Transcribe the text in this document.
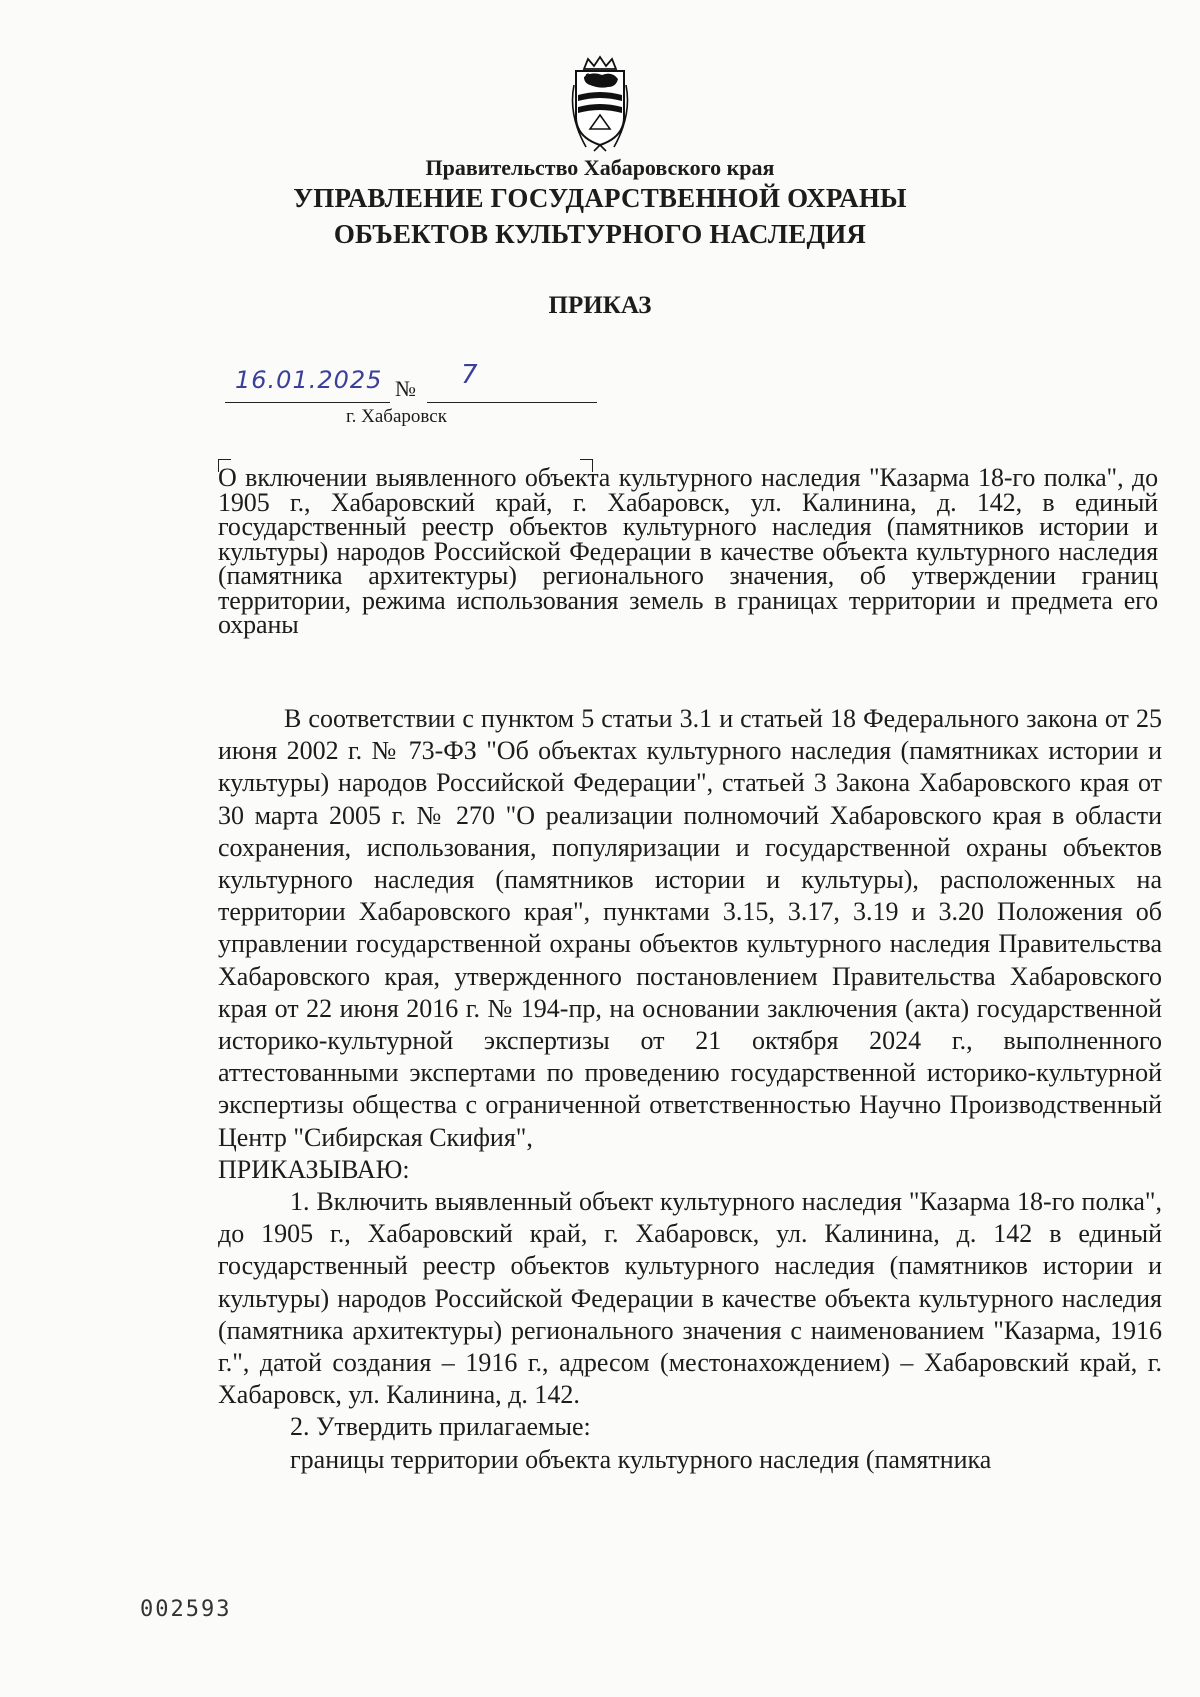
Правительство Хабаровского края
УПРАВЛЕНИЕ ГОСУДАРСТВЕННОЙ ОХРАНЫ
ОБЪЕКТОВ КУЛЬТУРНОГО НАСЛЕДИЯ
ПРИКАЗ
16.01.2025 № 7
г. Хабаровск
О включении выявленного объекта культурного наследия "Казарма 18-го полка", до 1905 г., Хабаровский край, г. Хабаровск, ул. Калинина, д. 142, в единый государственный реестр объектов культурного наследия (памятников истории и культуры) народов Российской Федерации в качестве объекта культурного наследия (памятника архитектуры) регионального значения, об утверждении границ территории, режима использования земель в границах территории и предмета его охраны

В соответствии с пунктом 5 статьи 3.1 и статьей 18 Федерального закона от 25 июня 2002 г. № 73-ФЗ "Об объектах культурного наследия (памятниках истории и культуры) народов Российской Федерации", статьей 3 Закона Хабаровского края от 30 марта 2005 г. № 270 "О реализации полномочий Хабаровского края в области сохранения, использования, популяризации и государственной охраны объектов культурного наследия (памятников истории и культуры), расположенных на территории Хабаровского края", пунктами 3.15, 3.17, 3.19 и 3.20 Положения об управлении государственной охраны объектов культурного наследия Правительства Хабаровского края, утвержденного постановлением Правительства Хабаровского края от 22 июня 2016 г. № 194-пр, на основании заключения (акта) государственной историко-культурной экспертизы от 21 октября 2024 г., выполненного аттестованными экспертами по проведению государственной историко-культурной экспертизы общества с ограниченной ответственностью Научно Производственный Центр "Сибирская Скифия",

ПРИКАЗЫВАЮ:

1. Включить выявленный объект культурного наследия "Казарма 18-го полка", до 1905 г., Хабаровский край, г. Хабаровск, ул. Калинина, д. 142 в единый государственный реестр объектов культурного наследия (памятников истории и культуры) народов Российской Федерации в качестве объекта культурного наследия (памятника архитектуры) регионального значения с наименованием "Казарма, 1916 г.", датой создания – 1916 г., адресом (местонахождением) – Хабаровский край, г. Хабаровск, ул. Калинина, д. 142.

2. Утвердить прилагаемые:

границы территории объекта культурного наследия (памятника

002593
